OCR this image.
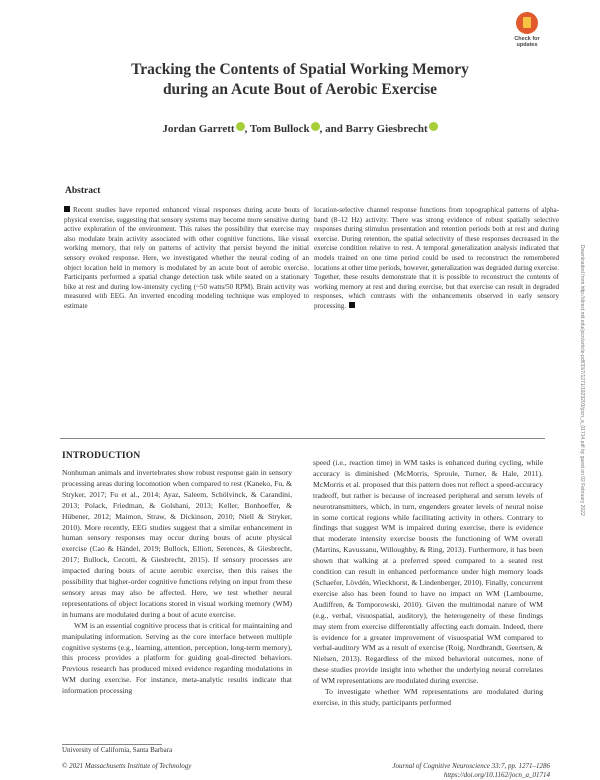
Check for
updates
Tracking the Contents of Spatial Working Memory
during an Acute Bout of Aerobic Exercise
Jordan Garrett , Tom Bullock , and Barry Giesbrecht
Abstract

Recent studies have reported enhanced visual responses during acute bouts of physical exercise, suggesting that sensory systems may become more sensitive during active exploration of the environment. This raises the possibility that exercise may also modulate brain activity associated with other cognitive functions, like visual working memory, that rely on patterns of activity that persist beyond the initial sensory evoked response. Here, we investigated whether the neural coding of an object location held in memory is modulated by an acute bout of aerobic exercise. Participants performed a spatial change detection task while seated on a stationary bike at rest and during low-intensity cycling (~50 watts/50 RPM). Brain activity was measured with EEG. An inverted encoding modeling technique was employed to estimate

location-selective channel response functions from topographical patterns of alpha-band (8–12 Hz) activity. There was strong evidence of robust spatially selective responses during stimulus presentation and retention periods both at rest and during exercise. During retention, the spatial selectivity of these responses decreased in the exercise condition relative to rest. A temporal generalization analysis indicated that models trained on one time period could be used to reconstruct the remembered locations at other time periods, however, generalization was degraded during exercise. Together, these results demonstrate that it is possible to reconstruct the contents of working memory at rest and during exercise, but that exercise can result in degraded responses, which contrasts with the enhancements observed in early sensory processing.

INTRODUCTION

Nonhuman animals and invertebrates show robust response gain in sensory processing areas during locomotion when compared to rest (Kaneko, Fu, & Stryker, 2017; Fu et al., 2014; Ayaz, Saleem, Schölvinck, & Carandini, 2013; Polack, Friedman, & Golshani, 2013; Keller, Bonhoeffer, & Hübener, 2012; Maimon, Straw, & Dickinson, 2010; Niell & Stryker, 2010). More recently, EEG studies suggest that a similar enhancement in human sensory responses may occur during bouts of acute physical exercise (Cao & Händel, 2019; Bullock, Elliott, Serences, & Giesbrecht, 2017; Bullock, Cecotti, & Giesbrecht, 2015). If sensory processes are impacted during bouts of acute aerobic exercise, then this raises the possibility that higher-order cognitive functions relying on input from these sensory areas may also be affected. Here, we test whether neural representations of object locations stored in visual working memory (WM) in humans are modulated during a bout of acute exercise.

WM is an essential cognitive process that is critical for maintaining and manipulating information. Serving as the core interface between multiple cognitive systems (e.g., learning, attention, perception, long-term memory), this process provides a platform for guiding goal-directed behaviors. Previous research has produced mixed evidence regarding modulations in WM during exercise. For instance, meta-analytic results indicate that information processing

speed (i.e., reaction time) in WM tasks is enhanced during cycling, while accuracy is diminished (McMorris, Sproule, Turner, & Hale, 2011). McMorris et al. proposed that this pattern does not reflect a speed-accuracy tradeoff, but rather is because of increased peripheral and serum levels of neurotransmitters, which, in turn, engenders greater levels of neural noise in some cortical regions while facilitating activity in others. Contrary to findings that suggest WM is impaired during exercise, there is evidence that moderate intensity exercise boosts the functioning of WM overall (Martins, Kavussanu, Willoughby, & Ring, 2013). Furthermore, it has been shown that walking at a preferred speed compared to a seated rest condition can result in enhanced performance under high memory loads (Schaefer, Lövdén, Wieckhorst, & Lindenberger, 2010). Finally, concurrent exercise also has been found to have no impact on WM (Lambourne, Audiffren, & Tomporowski, 2010). Given the multimodal nature of WM (e.g., verbal, visuospatial, auditory), the heterogeneity of these findings may stem from exercise differentially affecting each domain. Indeed, there is evidence for a greater improvement of visuospatial WM compared to verbal-auditory WM as a result of exercise (Roig, Nordbrandt, Geertsen, & Nielsen, 2013). Regardless of the mixed behavioral outcomes, none of these studies provide insight into whether the underlying neural correlates of WM representations are modulated during exercise.

To investigate whether WM representations are modulated during exercise, in this study, participants performed

University of California, Santa Barbara
© 2021 Massachusetts Institute of Technology	Journal of Cognitive Neuroscience 33:7, pp. 1271–1286
https://doi.org/10.1162/jocn_a_01714
Downloaded from http://direct.mit.edu/jocn/article-pdf/33/7/1271/1923203/jocn_a_01714.pdf by guest on 02 February 2022
